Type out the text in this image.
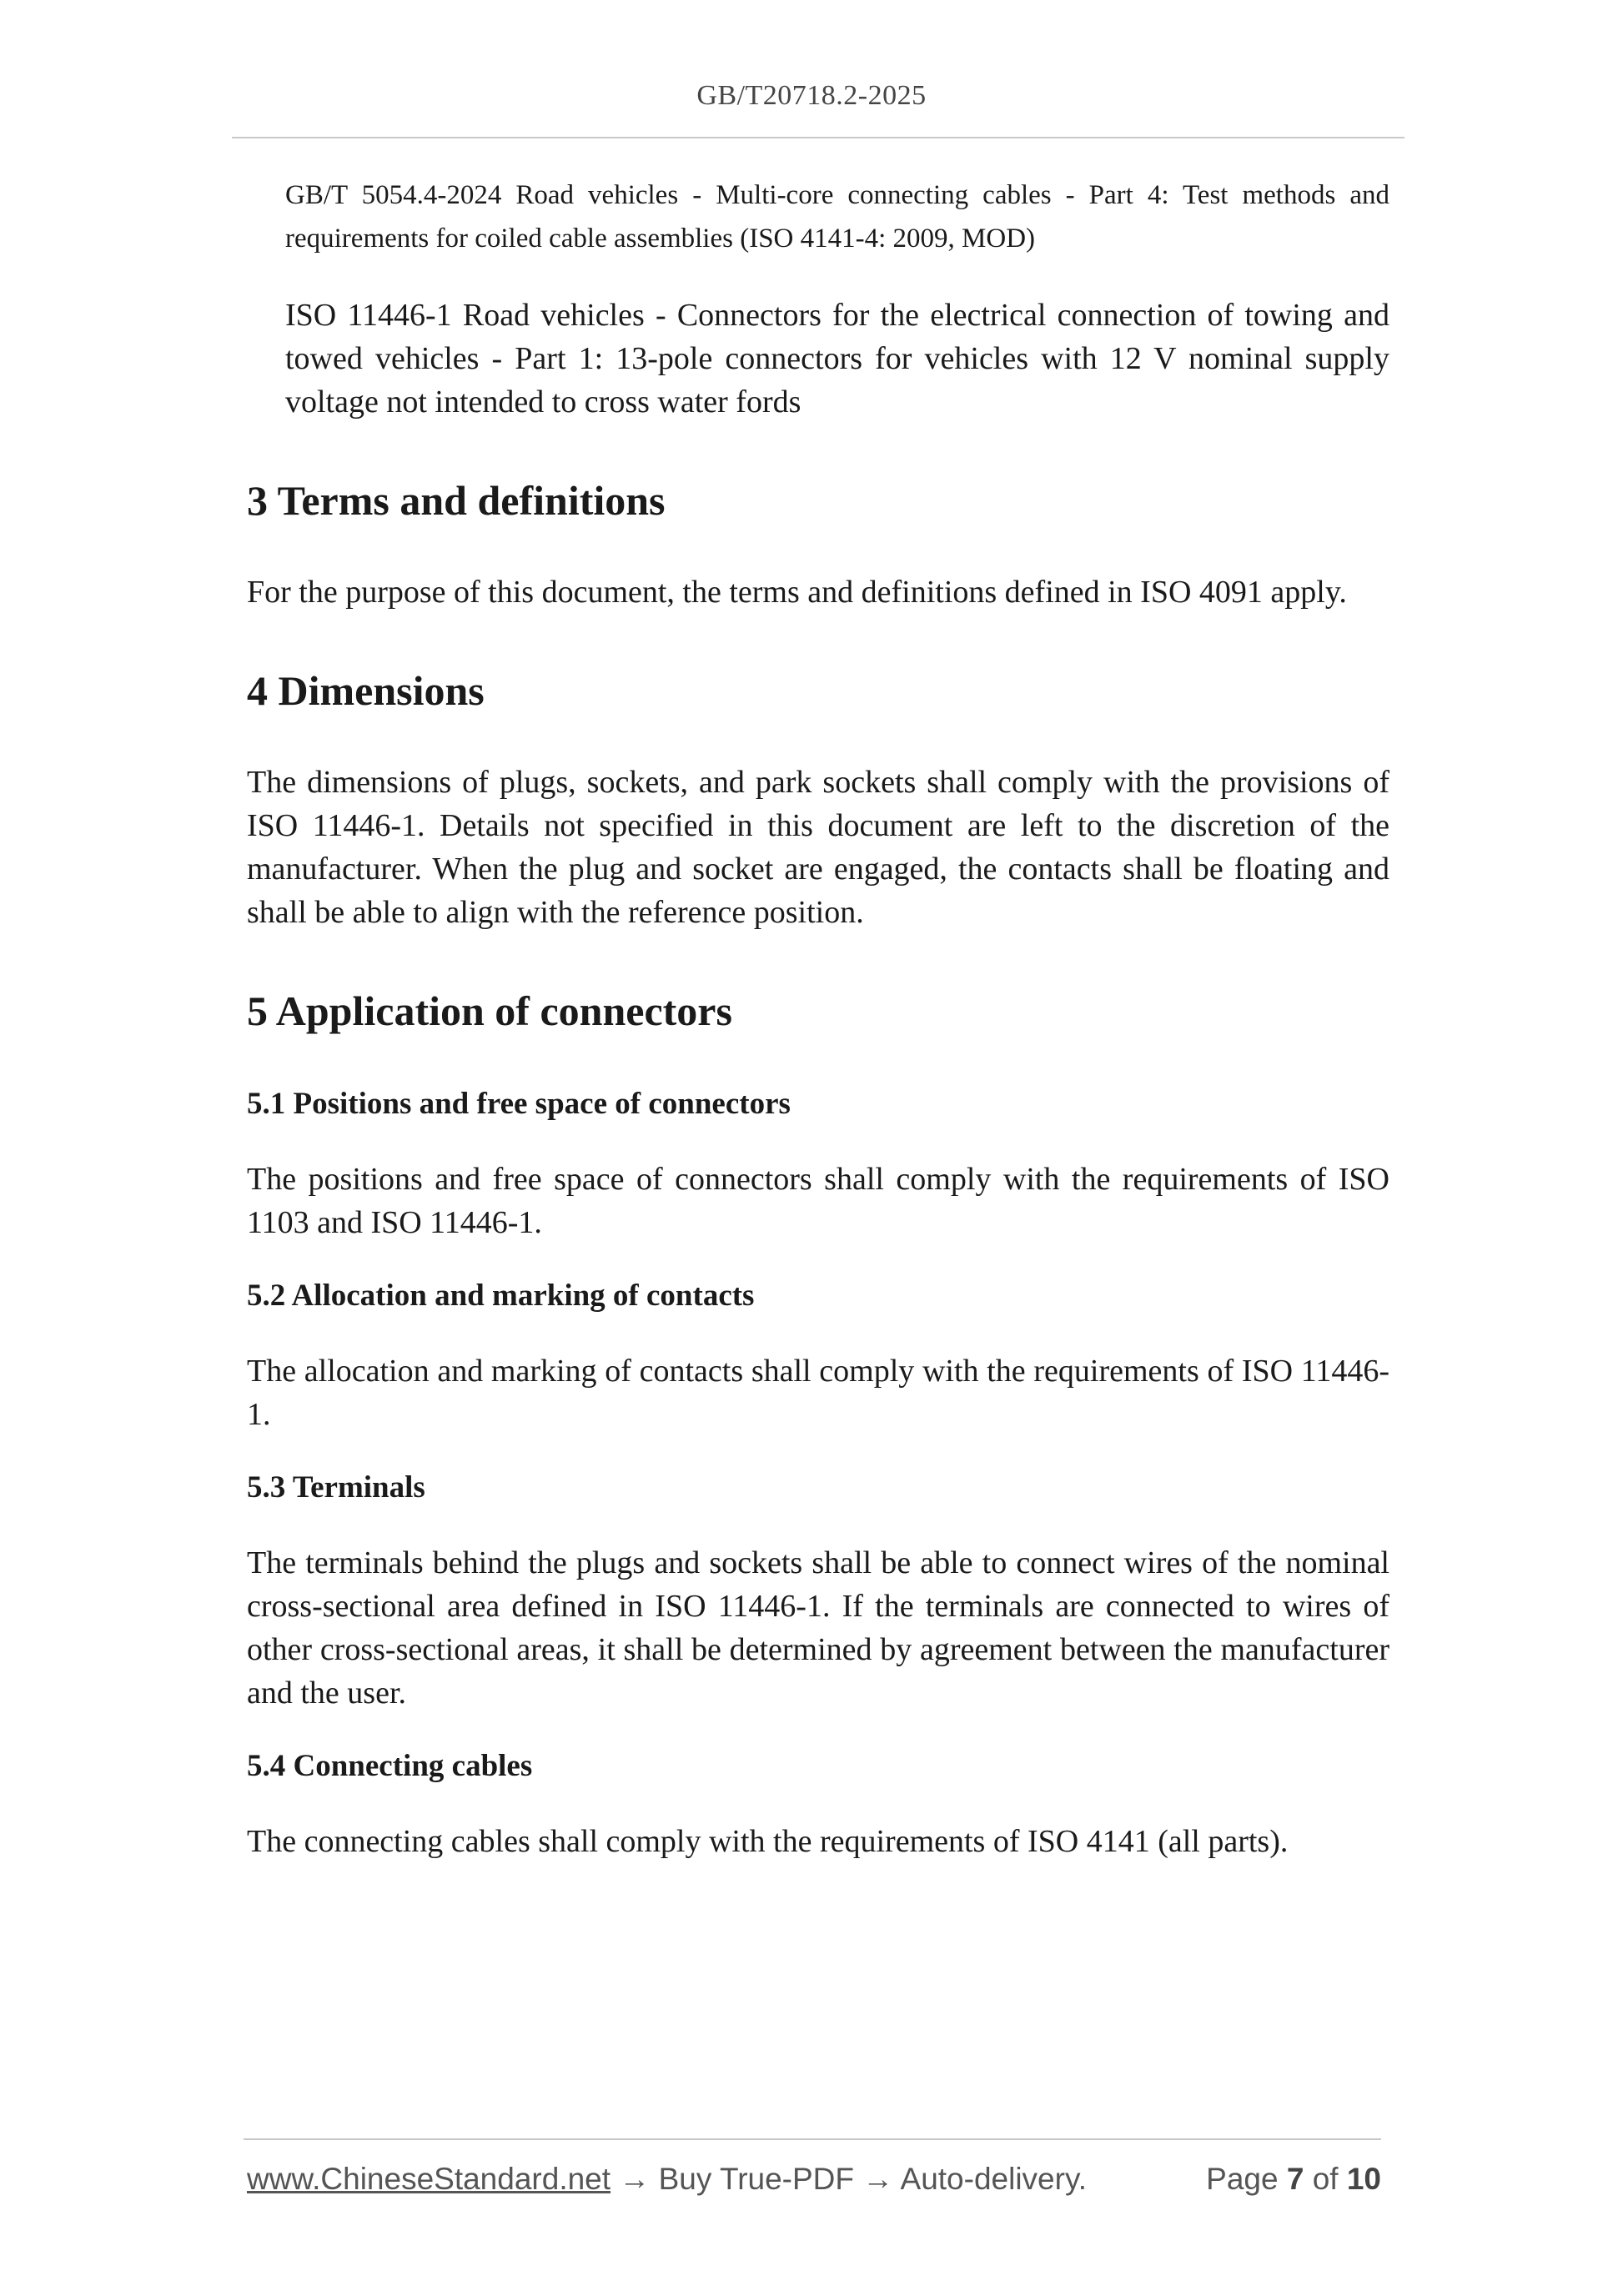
GB/T20718.2-2025

GB/T 5054.4-2024 Road vehicles - Multi-core connecting cables - Part 4: Test methods and requirements for coiled cable assemblies (ISO 4141-4: 2009, MOD)

ISO 11446-1 Road vehicles - Connectors for the electrical connection of towing and towed vehicles - Part 1: 13-pole connectors for vehicles with 12 V nominal supply voltage not intended to cross water fords

3 Terms and definitions

For the purpose of this document, the terms and definitions defined in ISO 4091 apply.

4 Dimensions

The dimensions of plugs, sockets, and park sockets shall comply with the provisions of ISO 11446-1. Details not specified in this document are left to the discretion of the manufacturer. When the plug and socket are engaged, the contacts shall be floating and shall be able to align with the reference position.

5 Application of connectors
5.1 Positions and free space of connectors

The positions and free space of connectors shall comply with the requirements of ISO 1103 and ISO 11446-1.

5.2 Allocation and marking of contacts

The allocation and marking of contacts shall comply with the requirements of ISO 11446-1.

5.3 Terminals

The terminals behind the plugs and sockets shall be able to connect wires of the nominal cross-sectional area defined in ISO 11446-1. If the terminals are connected to wires of other cross-sectional areas, it shall be determined by agreement between the manufacturer and the user.

5.4 Connecting cables

The connecting cables shall comply with the requirements of ISO 4141 (all parts).

www.ChineseStandard.net → Buy True-PDF → Auto-delivery.	Page 7 of 10
